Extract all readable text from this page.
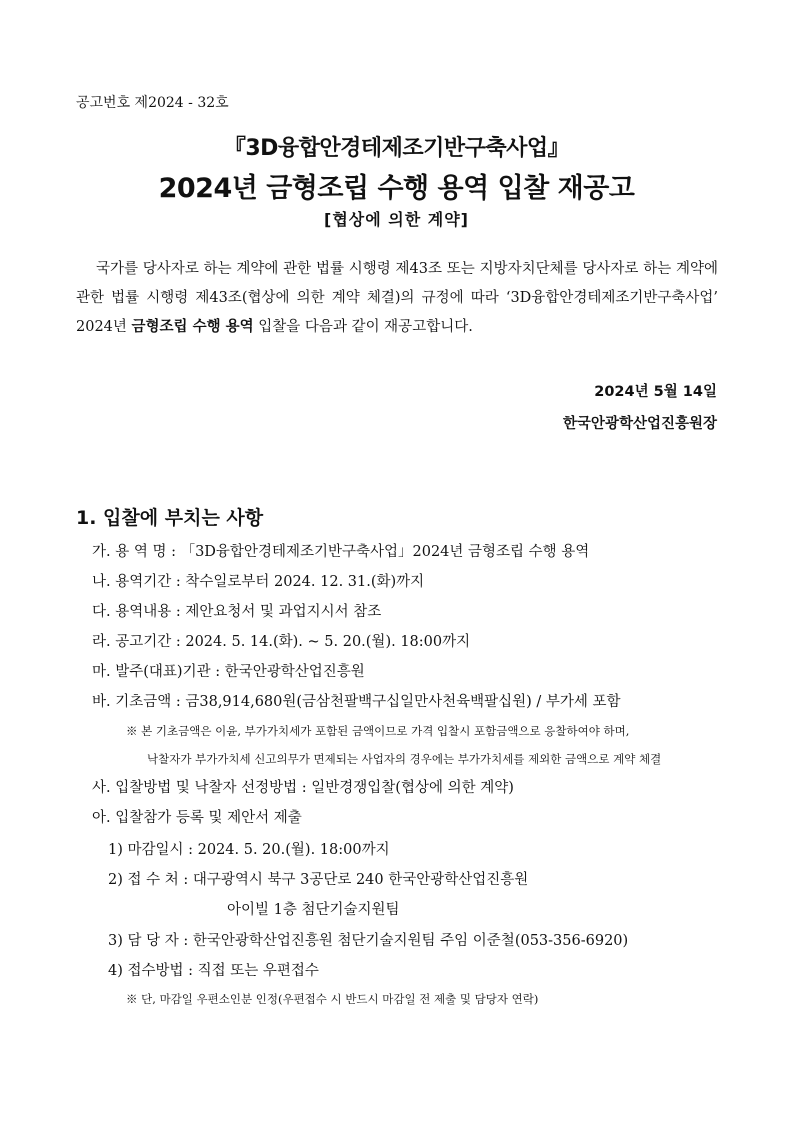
공고번호 제2024 - 32호
『3D융합안경테제조기반구축사업』
2024년 금형조립 수행 용역 입찰 재공고
[협상에 의한 계약]
국가를 당사자로 하는 계약에 관한 법률 시행령 제43조 또는 지방자치단체를 당사자로 하는 계약에 관한 법률 시행령 제43조(협상에 의한 계약 체결)의 규정에 따라 ‘3D융합안경테제조기반구축사업’ 2024년 금형조립 수행 용역 입찰을 다음과 같이 재공고합니다.
2024년 5월 14일
한국안광학산업진흥원장
1. 입찰에 부치는 사항
가. 용 역 명 : 「3D융합안경테제조기반구축사업」2024년 금형조립 수행 용역
나. 용역기간 : 착수일로부터 2024. 12. 31.(화)까지
다. 용역내용 : 제안요청서 및 과업지시서 참조
라. 공고기간 : 2024. 5. 14.(화). ~ 5. 20.(월). 18:00까지
마. 발주(대표)기관 : 한국안광학산업진흥원
바. 기초금액 : 금38,914,680원(금삼천팔백구십일만사천육백팔십원) / 부가세 포함
※ 본 기초금액은 이윤, 부가가치세가 포함된 금액이므로 가격 입찰시 포함금액으로 응찰하여야 하며,
낙찰자가 부가가치세 신고의무가 면제되는 사업자의 경우에는 부가가치세를 제외한 금액으로 계약 체결
사. 입찰방법 및 낙찰자 선정방법 : 일반경쟁입찰(협상에 의한 계약)
아. 입찰참가 등록 및 제안서 제출
1) 마감일시 : 2024. 5. 20.(월). 18:00까지
2) 접 수 처 : 대구광역시 북구 3공단로 240 한국안광학산업진흥원
아이빌 1층 첨단기술지원팀
3) 담 당 자 : 한국안광학산업진흥원 첨단기술지원팀 주임 이준철(053-356-6920)
4) 접수방법 : 직접 또는 우편접수
※ 단, 마감일 우편소인분 인정(우편접수 시 반드시 마감일 전 제출 및 담당자 연락)
